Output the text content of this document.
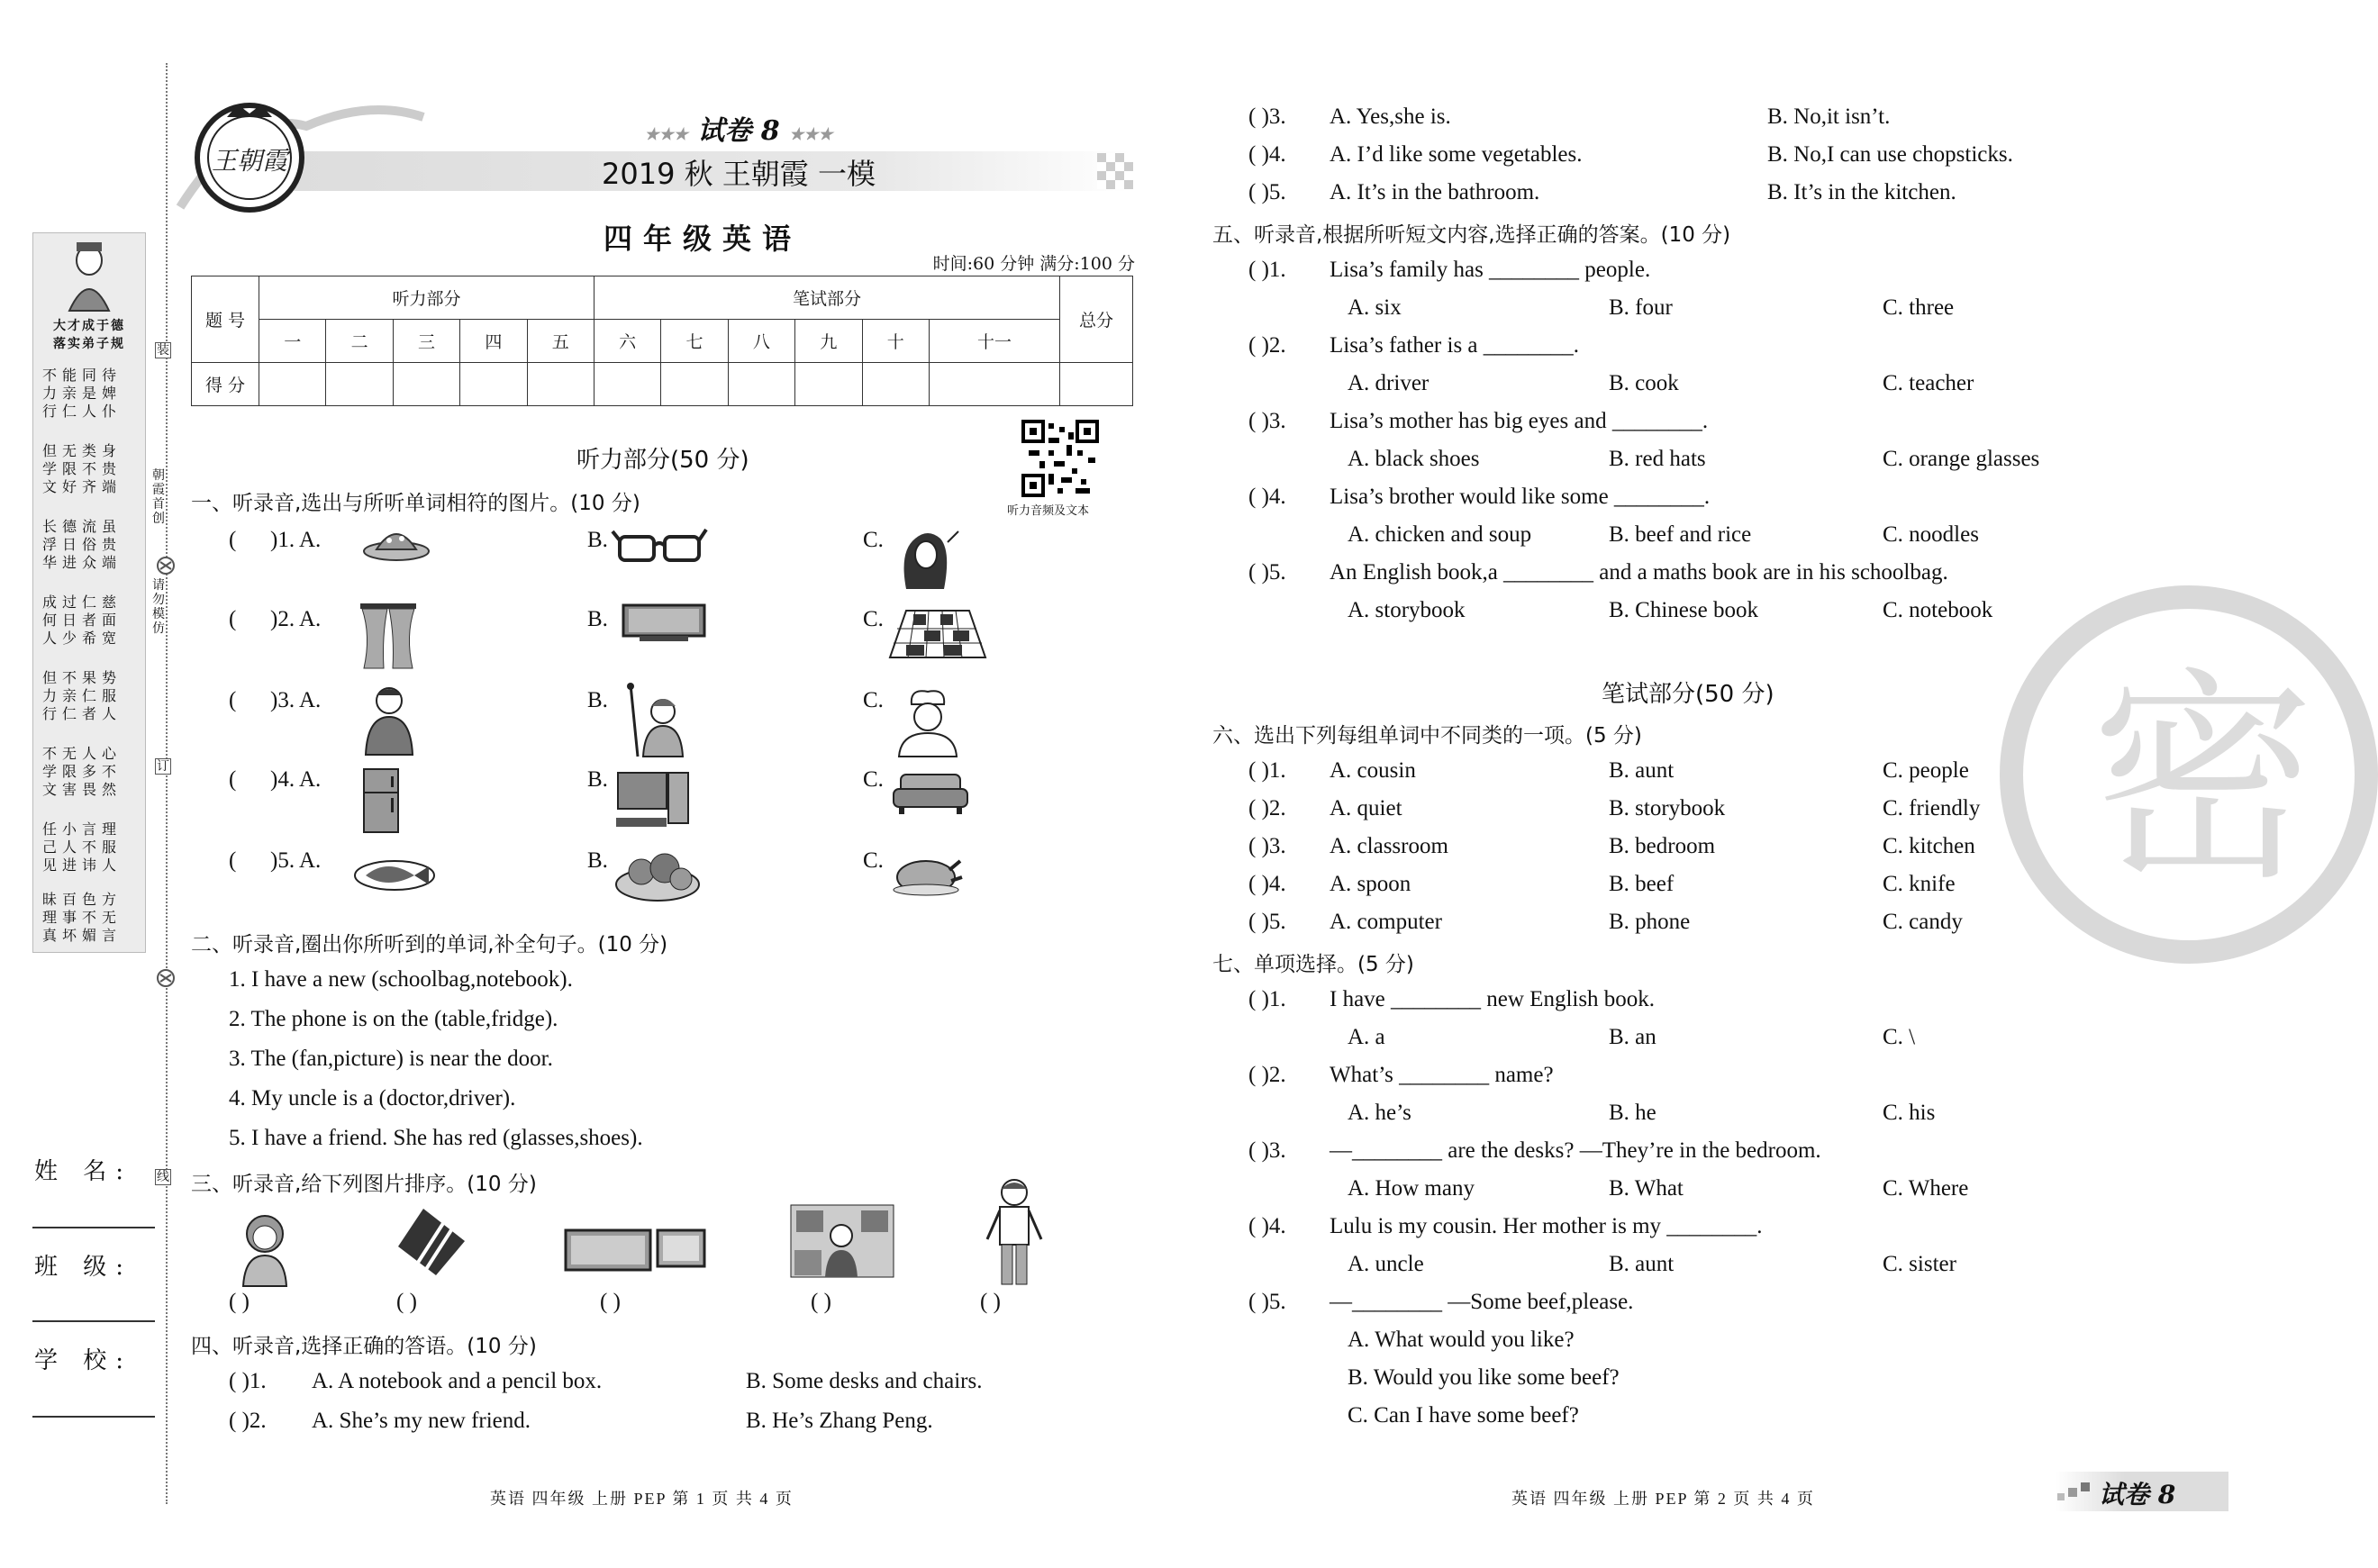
大才成于德
落实弟子规
不能同待力亲是婢行仁人仆
但无类身学限不贵文好齐端
长德流虽浮日俗贵华进众端
成过仁慈何日者面人少希宽
但不果势力亲仁服行仁者人
不无人心学限多不文害畏然
任小言理己人不服见进讳人
昧百色方理事不无真坏媚言
装
朝霞首创
请勿模仿
订
线
姓 名:
班 级:
学 校:
王朝霞
★★★ 试卷 8 ★★★
2019 秋 王朝霞 一模
四年级英语
时间:60 分钟 满分:100 分
题 号	听力部分					笔试部分						总分
	一	二	三	四	五	六	七	八	九	十	十一	
得 分												
听力部分(50 分)
听力音频及文本
一、听录音,选出与所听单词相符的图片。(10 分)
( )1. A.	B.	C.
( )2. A.	B.	C.
( )3. A.	B.	C.
( )4. A.	B.	C.
( )5. A.	B.	C.
二、听录音,圈出你所听到的单词,补全句子。(10 分)
1. I have a new (schoolbag,notebook).
2. The phone is on the (table,fridge).
3. The (fan,picture) is near the door.
4. My uncle is a (doctor,driver).
5. I have a friend. She has red (glasses,shoes).
三、听录音,给下列图片排序。(10 分)
( )	( )	( )	( )	( )
四、听录音,选择正确的答语。(10 分)
( )1. A. A notebook and a pencil box.	B. Some desks and chairs.
( )2. A. She’s my new friend.	B. He’s Zhang Peng.
英语 四年级 上册 PEP 第 1 页 共 4 页
密
( )3. A. Yes,she is.	B. No,it isn’t.
( )4. A. I’d like some vegetables.	B. No,I can use chopsticks.
( )5. A. It’s in the bathroom.	B. It’s in the kitchen.
五、听录音,根据所听短文内容,选择正确的答案。(10 分)
( )1. Lisa’s family has ________ people.
A. six	B. four	C. three
( )2. Lisa’s father is a ________.
A. driver	B. cook	C. teacher
( )3. Lisa’s mother has big eyes and ________.
A. black shoes	B. red hats	C. orange glasses
( )4. Lisa’s brother would like some ________.
A. chicken and soup	B. beef and rice	C. noodles
( )5. An English book,a ________ and a maths book are in his schoolbag.
A. storybook	B. Chinese book	C. notebook
笔试部分(50 分)
六、选出下列每组单词中不同类的一项。(5 分)
( )1. A. cousin	B. aunt	C. people
( )2. A. quiet	B. storybook	C. friendly
( )3. A. classroom	B. bedroom	C. kitchen
( )4. A. spoon	B. beef	C. knife
( )5. A. computer	B. phone	C. candy
七、单项选择。(5 分)
( )1. I have ________ new English book.
A. a	B. an	C. \
( )2. What’s ________ name?
A. he’s	B. he	C. his
( )3. —________ are the desks? —They’re in the bedroom.
A. How many	B. What	C. Where
( )4. Lulu is my cousin. Her mother is my ________.
A. uncle	B. aunt	C. sister
( )5. —________ —Some beef,please.
A. What would you like?
B. Would you like some beef?
C. Can I have some beef?
英语 四年级 上册 PEP 第 2 页 共 4 页	试卷 8
